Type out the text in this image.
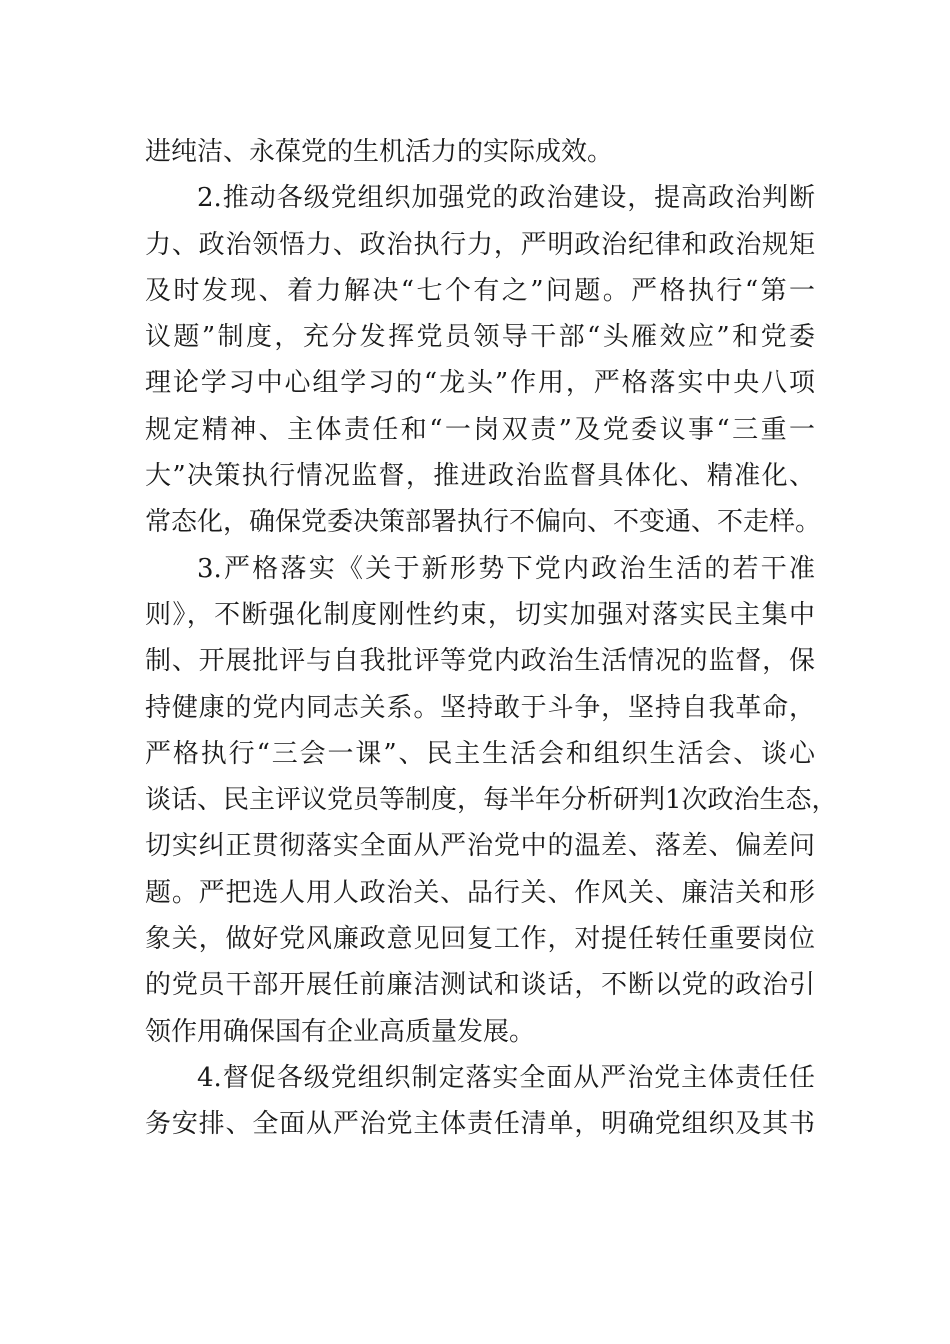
进纯洁、永葆党的生机活力的实际成效。
2.推动各级党组织加强党的政治建设，提高政治判断
力、政治领悟力、政治执行力，严明政治纪律和政治规矩
及时发现、着力解决“七个有之”问题。严格执行“第一
议题”制度，充分发挥党员领导干部“头雁效应”和党委
理论学习中心组学习的“龙头”作用，严格落实中央八项
规定精神、主体责任和“一岗双责”及党委议事“三重一
大”决策执行情况监督，推进政治监督具体化、精准化、
常态化，确保党委决策部署执行不偏向、不变通、不走样。
3.严格落实《关于新形势下党内政治生活的若干准
则》，不断强化制度刚性约束，切实加强对落实民主集中
制、开展批评与自我批评等党内政治生活情况的监督，保
持健康的党内同志关系。坚持敢于斗争，坚持自我革命，
严格执行“三会一课”、民主生活会和组织生活会、谈心
谈话、民主评议党员等制度，每半年分析研判1次政治生态，
切实纠正贯彻落实全面从严治党中的温差、落差、偏差问
题。严把选人用人政治关、品行关、作风关、廉洁关和形
象关，做好党风廉政意见回复工作，对提任转任重要岗位
的党员干部开展任前廉洁测试和谈话，不断以党的政治引
领作用确保国有企业高质量发展。
4.督促各级党组织制定落实全面从严治党主体责任任
务安排、全面从严治党主体责任清单，明确党组织及其书
